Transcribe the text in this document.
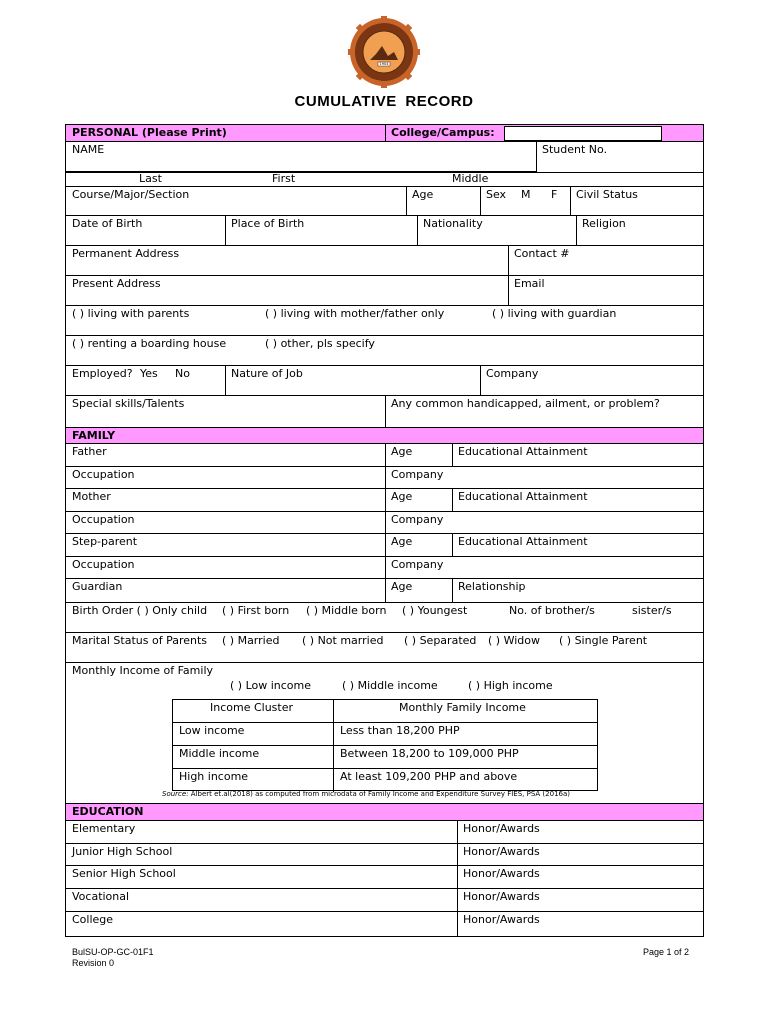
1904
CUMULATIVE RECORD
PERSONAL (Please Print)	College/Campus:
NAME	Student No.
Last	First	Middle
Course/Major/Section	Age	Sex M F Civil Status
Date of Birth	Place of Birth	Nationality	Religion
Permanent Address	Contact #
Present Address	Email
( ) living with parents	( ) living with mother/father only	( ) living with guardian
( ) renting a boarding house	( ) other, pls specify
Employed? Yes No	Nature of Job	Company
Special skills/Talents	Any common handicapped, ailment, or problem?
FAMILY
Father	Age	Educational Attainment
Occupation	Company
Mother	Age	Educational Attainment
Occupation	Company
Step-parent	Age	Educational Attainment
Occupation	Company
Guardian	Age	Relationship
Birth Order ( ) Only child ( ) First born ( ) Middle born ( ) Youngest	No. of brother/s	sister/s
Marital Status of Parents ( ) Married ( ) Not married ( ) Separated ( ) Widow ( ) Single Parent
Monthly Income of Family
( ) Low income	( ) Middle income	( ) High income
EDUCATION
Elementary	Honor/Awards
Junior High School	Honor/Awards
Senior High School	Honor/Awards
Vocational	Honor/Awards
College	Honor/Awards
Income Cluster	Monthly Family Income
Low income	Less than 18,200 PHP
Middle income	Between 18,200 to 109,000 PHP
High income	At least 109,200 PHP and above
Source: Albert et.al(2018) as computed from microdata of Family Income and Expenditure Survey FIES, PSA (2016a)
BulSU-OP-GC-01F1
Revision 0
Page 1 of 2
